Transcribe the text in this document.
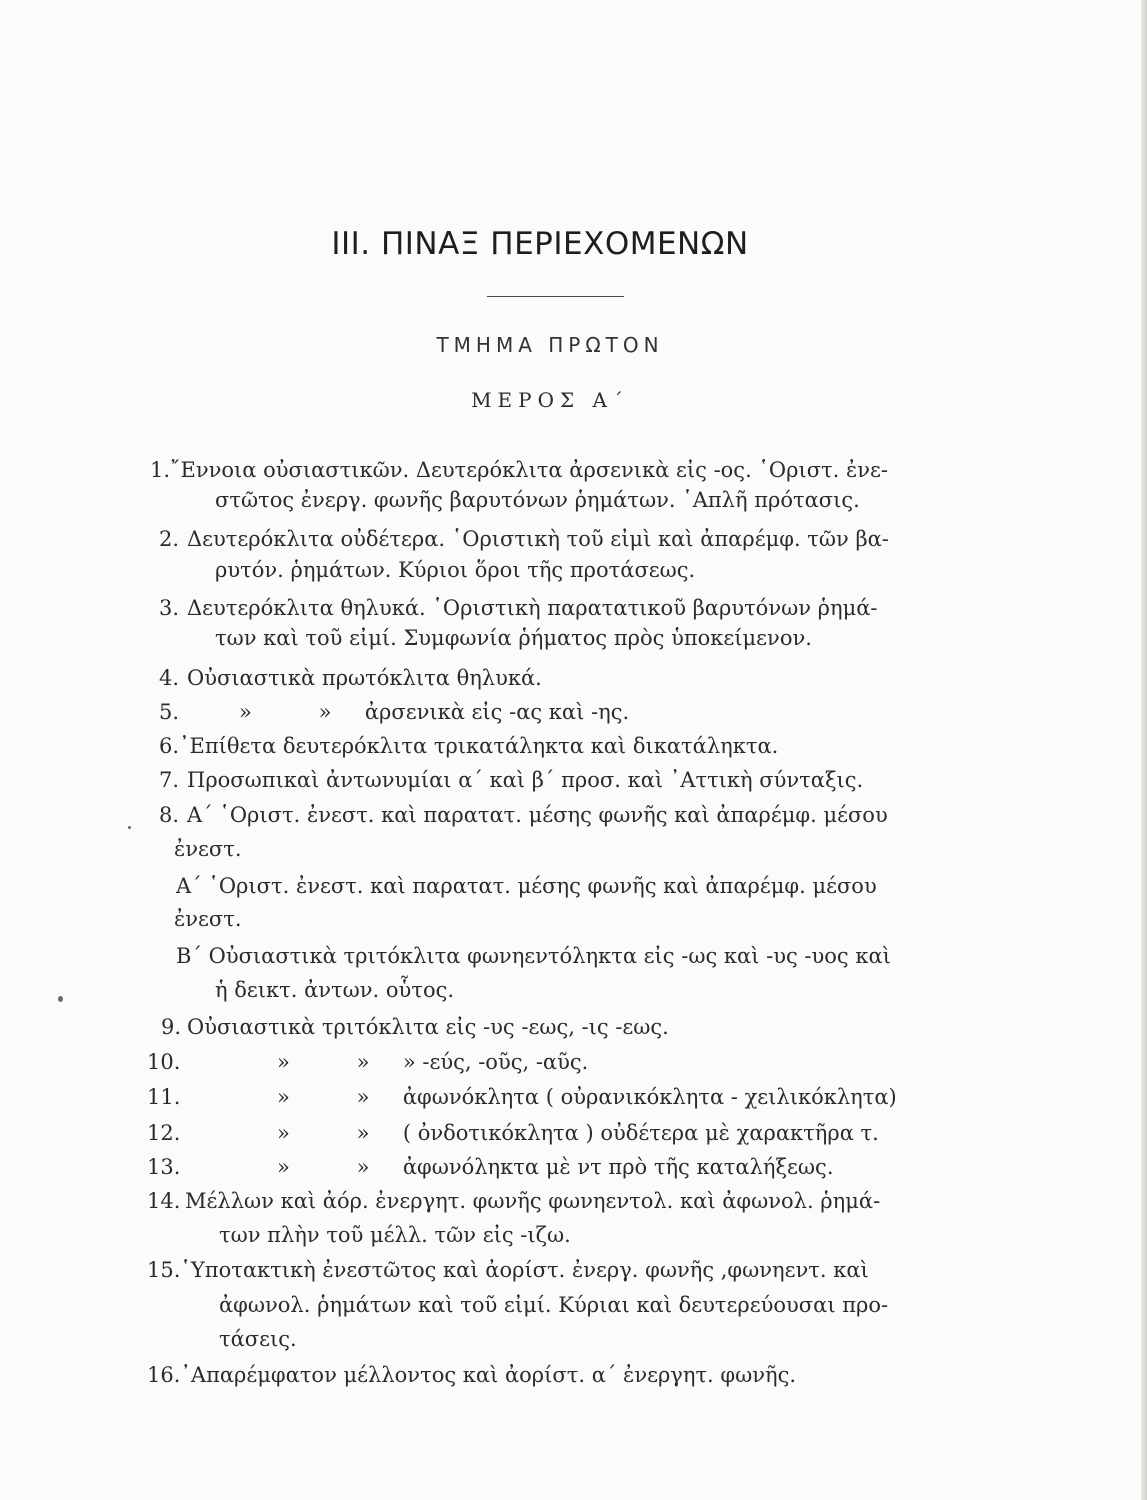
III. ΠΙΝΑΞ ΠΕΡΙΕΧΟΜΕΝΩΝ
ΤΜΗΜΑ ΠΡΩΤΟΝ
ΜΕΡΟΣ Α΄
1.῎Εννοια οὐσιαστικῶν. Δευτερόκλιτα ἀρσενικὰ εἰς -ος. ῾Οριστ. ἐνε-
στῶτος ἐνεργ. φωνῆς βαρυτόνων ῥημάτων. ῾Απλῆ πρότασις.
2. Δευτερόκλιτα οὐδέτερα. ῾Οριστικὴ τοῦ εἰμὶ καὶ ἀπαρέμφ. τῶν βα-
ρυτόν. ῥημάτων. Κύριοι ὅροι τῆς προτάσεως.
3. Δευτερόκλιτα θηλυκά. ῾Οριστικὴ παρατατικοῦ βαρυτόνων ῥημά-
των καὶ τοῦ εἰμί. Συμφωνία ῥήματος πρὸς ὑποκείμενον.
4. Οὐσιαστικὰ πρωτόκλιτα θηλυκά.
5.	»          »     ἀρσενικὰ εἰς -ας καὶ -ης.
6.᾿Επίθετα δευτερόκλιτα τρικατάληκτα καὶ δικατάληκτα.
7. Προσωπικαὶ ἀντωνυμίαι α΄ καὶ β΄ προσ. καὶ ᾿Αττικὴ σύνταξις.
8. Α΄ ῾Οριστ. ἐνεστ. καὶ παρατατ. μέσης φωνῆς καὶ ἀπαρέμφ. μέσου
ἐνεστ.
Α΄ ῾Οριστ. ἐνεστ. καὶ παρατατ. μέσης φωνῆς καὶ ἀπαρέμφ. μέσου
ἐνεστ.
Β΄ Οὐσιαστικὰ τριτόκλιτα φωνηεντόληκτα εἰς -ως καὶ -υς -υος καὶ
ἡ δεικτ. ἀντων. οὗτος.
9. Οὐσιαστικὰ τριτόκλιτα εἰς -υς -εως, -ις -εως.
10.	»          »     » -εύς, -οῦς, -αῦς.
11.	»          »     ἀφωνόκλητα ( οὐρανικόκλητα - χειλικόκλητα)
12.	»          »     ( ὀνδοτικόκλητα ) οὐδέτερα μὲ χαρακτῆρα τ.
13.	»          »     ἀφωνόληκτα μὲ ντ πρὸ τῆς καταλήξεως.
14. Μέλλων καὶ ἀόρ. ἐνεργητ. φωνῆς φωνηεντολ. καὶ ἀφωνολ. ῥημά-
των πλὴν τοῦ μέλλ. τῶν εἰς -ιζω.
15.῾Υποτακτικὴ ἐνεστῶτος καὶ ἀορίστ. ἐνεργ. φωνῆς ,φωνηεντ. καὶ
ἀφωνολ. ῥημάτων καὶ τοῦ εἰμί. Κύριαι καὶ δευτερεύουσαι προ-
τάσεις.
16.᾿Απαρέμφατον μέλλοντος καὶ ἀορίστ. α΄ ἐνεργητ. φωνῆς.
